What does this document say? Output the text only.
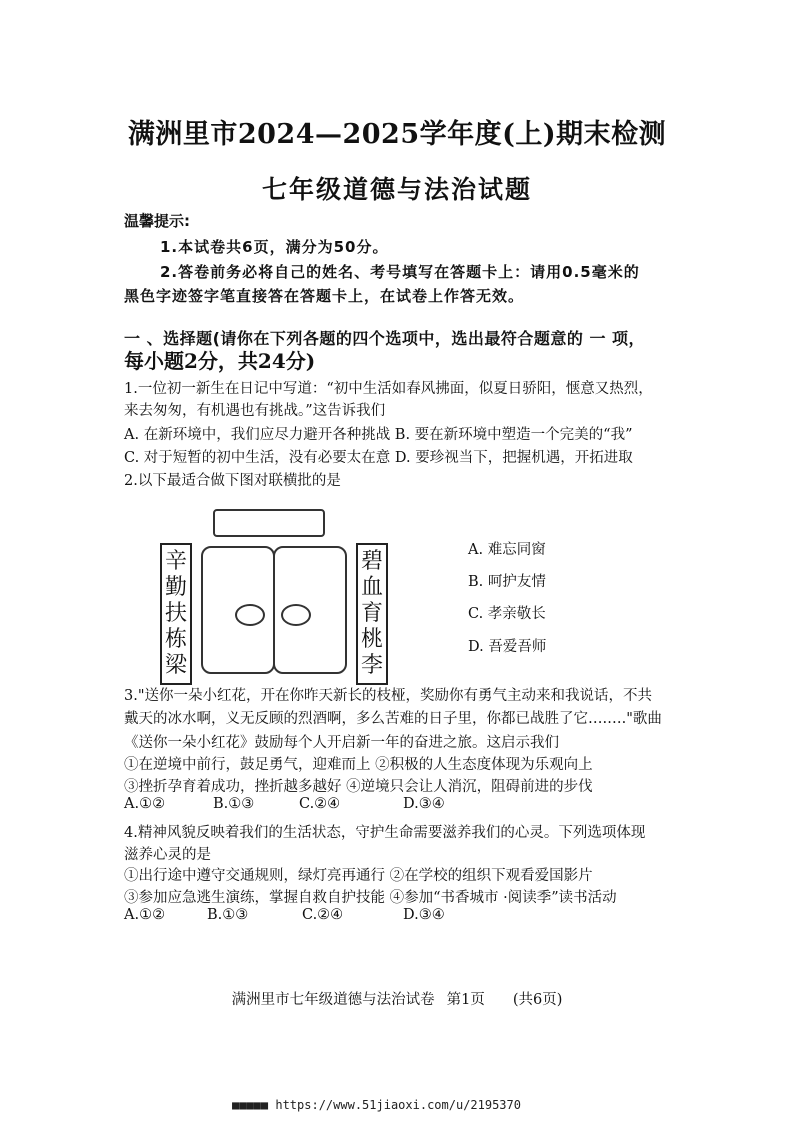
满洲里市2024—2025学年度(上)期末检测
七年级道德与法治试题
温馨提示:
1.本试卷共6页，满分为50分。
2.答卷前务必将自己的姓名、考号填写在答题卡上：请用0.5毫米的
黑色字迹签字笔直接答在答题卡上，在试卷上作答无效。
一 、选择题(请你在下列各题的四个选项中，选出最符合题意的 一 项，
每小题2分，共24分)
1.一位初一新生在日记中写道：“初中生活如春风拂面，似夏日骄阳，惬意又热烈，
来去匆匆，有机遇也有挑战。”这告诉我们
A. 在新环境中，我们应尽力避开各种挑战 B. 要在新环境中塑造一个完美的“我”
C. 对于短暂的初中生活，没有必要太在意 D. 要珍视当下，把握机遇，开拓进取
2.以下最适合做下图对联横批的是
辛
勤
扶
栋
梁
碧
血
育
桃
李
A. 难忘同窗
B. 呵护友情
C. 孝亲敬长
D. 吾爱吾师
3."送你一朵小红花，开在你昨天新长的枝桠，奖励你有勇气主动来和我说话，不共
戴天的冰水啊，义无反顾的烈酒啊，多么苦难的日子里，你都已战胜了它….…."歌曲
《送你一朵小红花》鼓励每个人开启新一年的奋进之旅。这启示我们
①在逆境中前行，鼓足勇气，迎难而上 ②积极的人生态度体现为乐观向上
③挫折孕育着成功，挫折越多越好 ④逆境只会让人消沉，阻碍前进的步伐
A.①②	B.①③	C.②④	D.③④
4.精神风貌反映着我们的生活状态，守护生命需要滋养我们的心灵。下列选项体现
滋养心灵的是
①出行途中遵守交通规则，绿灯亮再通行 ②在学校的组织下观看爱国影片
③参加应急逃生演练，掌握自救自护技能 ④参加“书香城市 ·阅读季”读书活动
A.①②	B.①③	C.②④	D.③④
满洲里市七年级道德与法治试卷 第1页 (共6页)
■■■■■ https://www.51jiaoxi.com/u/2195370
